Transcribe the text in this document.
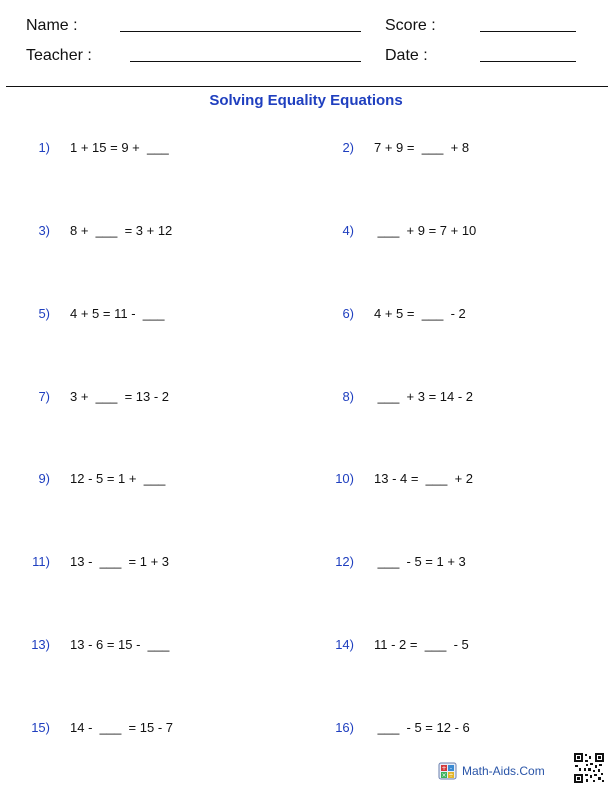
Name :
Teacher :
Score :
Date :
Solving Equality Equations
1) 1 + 15 = 9 +  ___	2) 7 + 9 =  ___  + 8
3) 8 +  ___  = 3 + 12	4) ___  + 9 = 7 + 10
5) 4 + 5 = 11 -  ___	6) 4 + 5 =  ___  - 2
7) 3 +  ___  = 13 - 2	8) ___  + 3 = 14 - 2
9) 12 - 5 = 1 +  ___	10) 13 - 4 =  ___  + 2
11) 13 -  ___  = 1 + 3	12) ___  - 5 = 1 + 3
13) 13 - 6 = 15 -  ___	14) 11 - 2 =  ___  - 5
15) 14 -  ___  = 15 - 7	16) ___  - 5 = 12 - 6
+ -
× ÷ Math-Aids.Com
